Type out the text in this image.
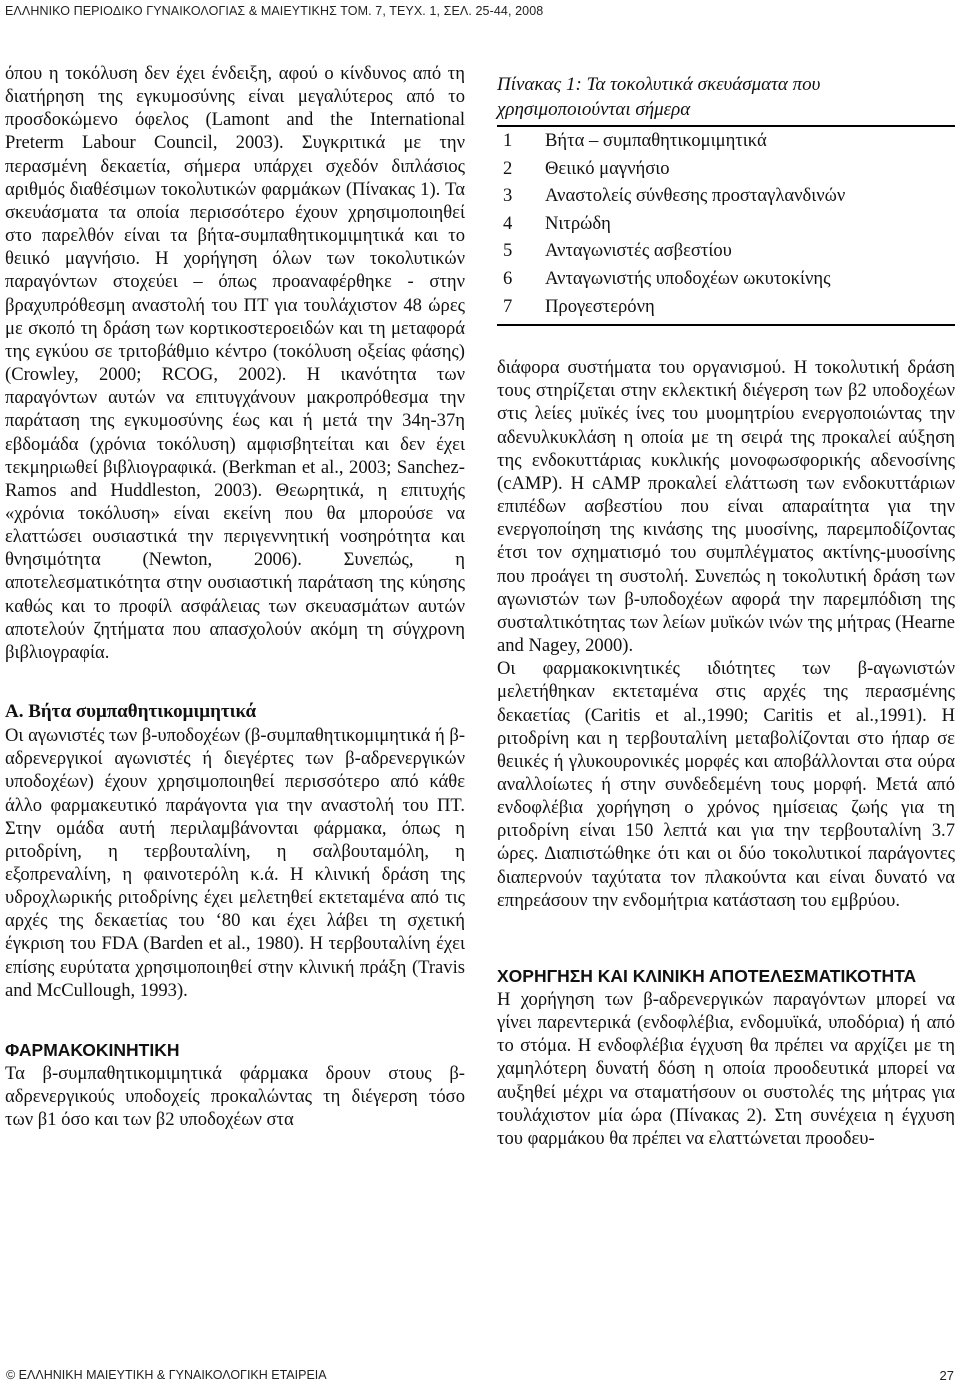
ΕΛΛΗΝΙΚΟ ΠΕΡΙΟΔΙΚΟ ΓΥΝΑΙΚΟΛΟΓΙΑΣ & ΜΑΙΕΥΤΙΚΗΣ ΤΟΜ. 7, ΤΕΥΧ. 1, ΣΕΛ. 25-44, 2008

όπου η τοκόλυση δεν έχει ένδειξη, αφού ο κίνδυνος από τη διατήρηση της εγκυμοσύνης είναι μεγαλύτερος από το προσδοκώμενο όφελος (Lamont and the International Preterm Labour Council, 2003). Συγκριτικά με την περασμένη δεκαετία, σήμερα υπάρχει σχεδόν διπλάσιος αριθμός διαθέσιμων τοκολυτικών φαρμάκων (Πίνακας 1). Τα σκευάσματα τα οποία περισσότερο έχουν χρησιμοποιηθεί στο παρελθόν είναι τα βήτα-συμπαθητικομιμητικά και το θειικό μαγνήσιο. Η χορήγηση όλων των τοκολυτικών παραγόντων στοχεύει – όπως προαναφέρθηκε - στην βραχυπρόθεσμη αναστολή του ΠΤ για τουλάχιστον 48 ώρες με σκοπό τη δράση των κορτικοστεροειδών και τη μεταφορά της εγκύου σε τριτοβάθμιο κέντρο (τοκόλυση οξείας φάσης) (Crowley, 2000; RCOG, 2002). Η ικανότητα των παραγόντων αυτών να επιτυγχάνουν μακροπρόθεσμα την παράταση της εγκυμοσύνης έως και ή μετά την 34η-37η εβδομάδα (χρόνια τοκόλυση) αμφισβητείται και δεν έχει τεκμηριωθεί βιβλιογραφικά. (Berkman et al., 2003; Sanchez-Ramos and Huddleston, 2003). Θεωρητικά, η επιτυχής «χρόνια τοκόλυση» είναι εκείνη που θα μπορούσε να ελαττώσει ουσιαστικά την περιγεννητική νοσηρότητα και θνησιμότητα (Newton, 2006). Συνεπώς, η αποτελεσματικότητα στην ουσιαστική παράταση της κύησης καθώς και το προφίλ ασφάλειας των σκευασμάτων αυτών αποτελούν ζητήματα που απασχολούν ακόμη τη σύγχρονη βιβλιογραφία.

Α. Βήτα συμπαθητικομιμητικά

Οι αγωνιστές των β-υποδοχέων (β-συμπαθητικομιμητικά ή β-αδρενεργικοί αγωνιστές ή διεγέρτες των β-αδρενεργικών υποδοχέων) έχουν χρησιμοποιηθεί περισσότερο από κάθε άλλο φαρμακευτικό παράγοντα για την αναστολή του ΠΤ. Στην ομάδα αυτή περιλαμβάνονται φάρμακα, όπως η ριτοδρίνη, η τερβουταλίνη, η σαλβουταμόλη, η εξοπρεναλίνη, η φαινοτερόλη κ.ά. Η κλινική δράση της υδροχλωρικής ριτοδρίνης έχει μελετηθεί εκτεταμένα από τις αρχές της δεκαετίας του ‘80 και έχει λάβει τη σχετική έγκριση του FDA (Barden et al., 1980). Η τερβουταλίνη έχει επίσης ευρύτατα χρησιμοποιηθεί στην κλινική πράξη (Travis and McCullough, 1993).

ΦΑΡΜΑΚΟΚΙΝΗΤΙΚΗ

Τα β-συμπαθητικομιμητικά φάρμακα δρουν στους β-αδρενεργικούς υποδοχείς προκαλώντας τη διέγερση τόσο των β1 όσο και των β2 υποδοχέων στα

Πίνακας 1: Τα τοκολυτικά σκευάσματα που χρησιμοποιούνται σήμερα

1	Βήτα – συμπαθητικομιμητικά
2	Θειικό μαγνήσιο
3	Αναστολείς σύνθεσης προσταγλανδινών
4	Νιτρώδη
5	Ανταγωνιστές ασβεστίου
6	Ανταγωνιστής υποδοχέων ωκυτοκίνης
7	Προγεστερόνη

διάφορα συστήματα του οργανισμού. Η τοκολυτική δράση τους στηρίζεται στην εκλεκτική διέγερση των β2 υποδοχέων στις λείες μυϊκές ίνες του μυομητρίου ενεργοποιώντας την αδενυλκυκλάση η οποία με τη σειρά της προκαλεί αύξηση της ενδοκυττάριας κυκλικής μονοφωσφορικής αδενοσίνης (cAMP). Η cAMP προκαλεί ελάττωση των ενδοκυττάριων επιπέδων ασβεστίου που είναι απαραίτητα για την ενεργοποίηση της κινάσης της μυοσίνης, παρεμποδίζοντας έτσι τον σχηματισμό του συμπλέγματος ακτίνης-μυοσίνης που προάγει τη συστολή. Συνεπώς η τοκολυτική δράση των αγωνιστών των β-υποδοχέων αφορά την παρεμπόδιση της συσταλτικότητας των λείων μυϊκών ινών της μήτρας (Hearne and Nagey, 2000).

Οι φαρμακοκινητικές ιδιότητες των β-αγωνιστών μελετήθηκαν εκτεταμένα στις αρχές της περασμένης δεκαετίας (Caritis et al.,1990; Caritis et al.,1991). Η ριτοδρίνη και η τερβουταλίνη μεταβολίζονται στο ήπαρ σε θειικές ή γλυκουρονικές μορφές και αποβάλλονται στα ούρα αναλλοίωτες ή στην συνδεδεμένη τους μορφή. Μετά από ενδοφλέβια χορήγηση ο χρόνος ημίσειας ζωής για τη ριτοδρίνη είναι 150 λεπτά και για την τερβουταλίνη 3.7 ώρες. Διαπιστώθηκε ότι και οι δύο τοκολυτικοί παράγοντες διαπερνούν ταχύτατα τον πλακούντα και είναι δυνατό να επηρεάσουν την ενδομήτρια κατάσταση του εμβρύου.

ΧΟΡΗΓΗΣΗ ΚΑΙ ΚΛΙΝΙΚΗ ΑΠΟΤΕΛΕΣΜΑΤΙΚΟΤΗΤΑ

Η χορήγηση των β-αδρενεργικών παραγόντων μπορεί να γίνει παρεντερικά (ενδοφλέβια, ενδομυϊκά, υποδόρια) ή από το στόμα. Η ενδοφλέβια έγχυση θα πρέπει να αρχίζει με τη χαμηλότερη δυνατή δόση η οποία προοδευτικά μπορεί να αυξηθεί μέχρι να σταματήσουν οι συστολές της μήτρας για τουλάχιστον μία ώρα (Πίνακας 2). Στη συνέχεια η έγχυση του φαρμάκου θα πρέπει να ελαττώνεται προοδευ-

© ΕΛΛΗΝΙΚΗ ΜΑΙΕΥΤΙΚΗ & ΓΥΝΑΙΚΟΛΟΓΙΚΗ ΕΤΑΙΡΕΙΑ	27
